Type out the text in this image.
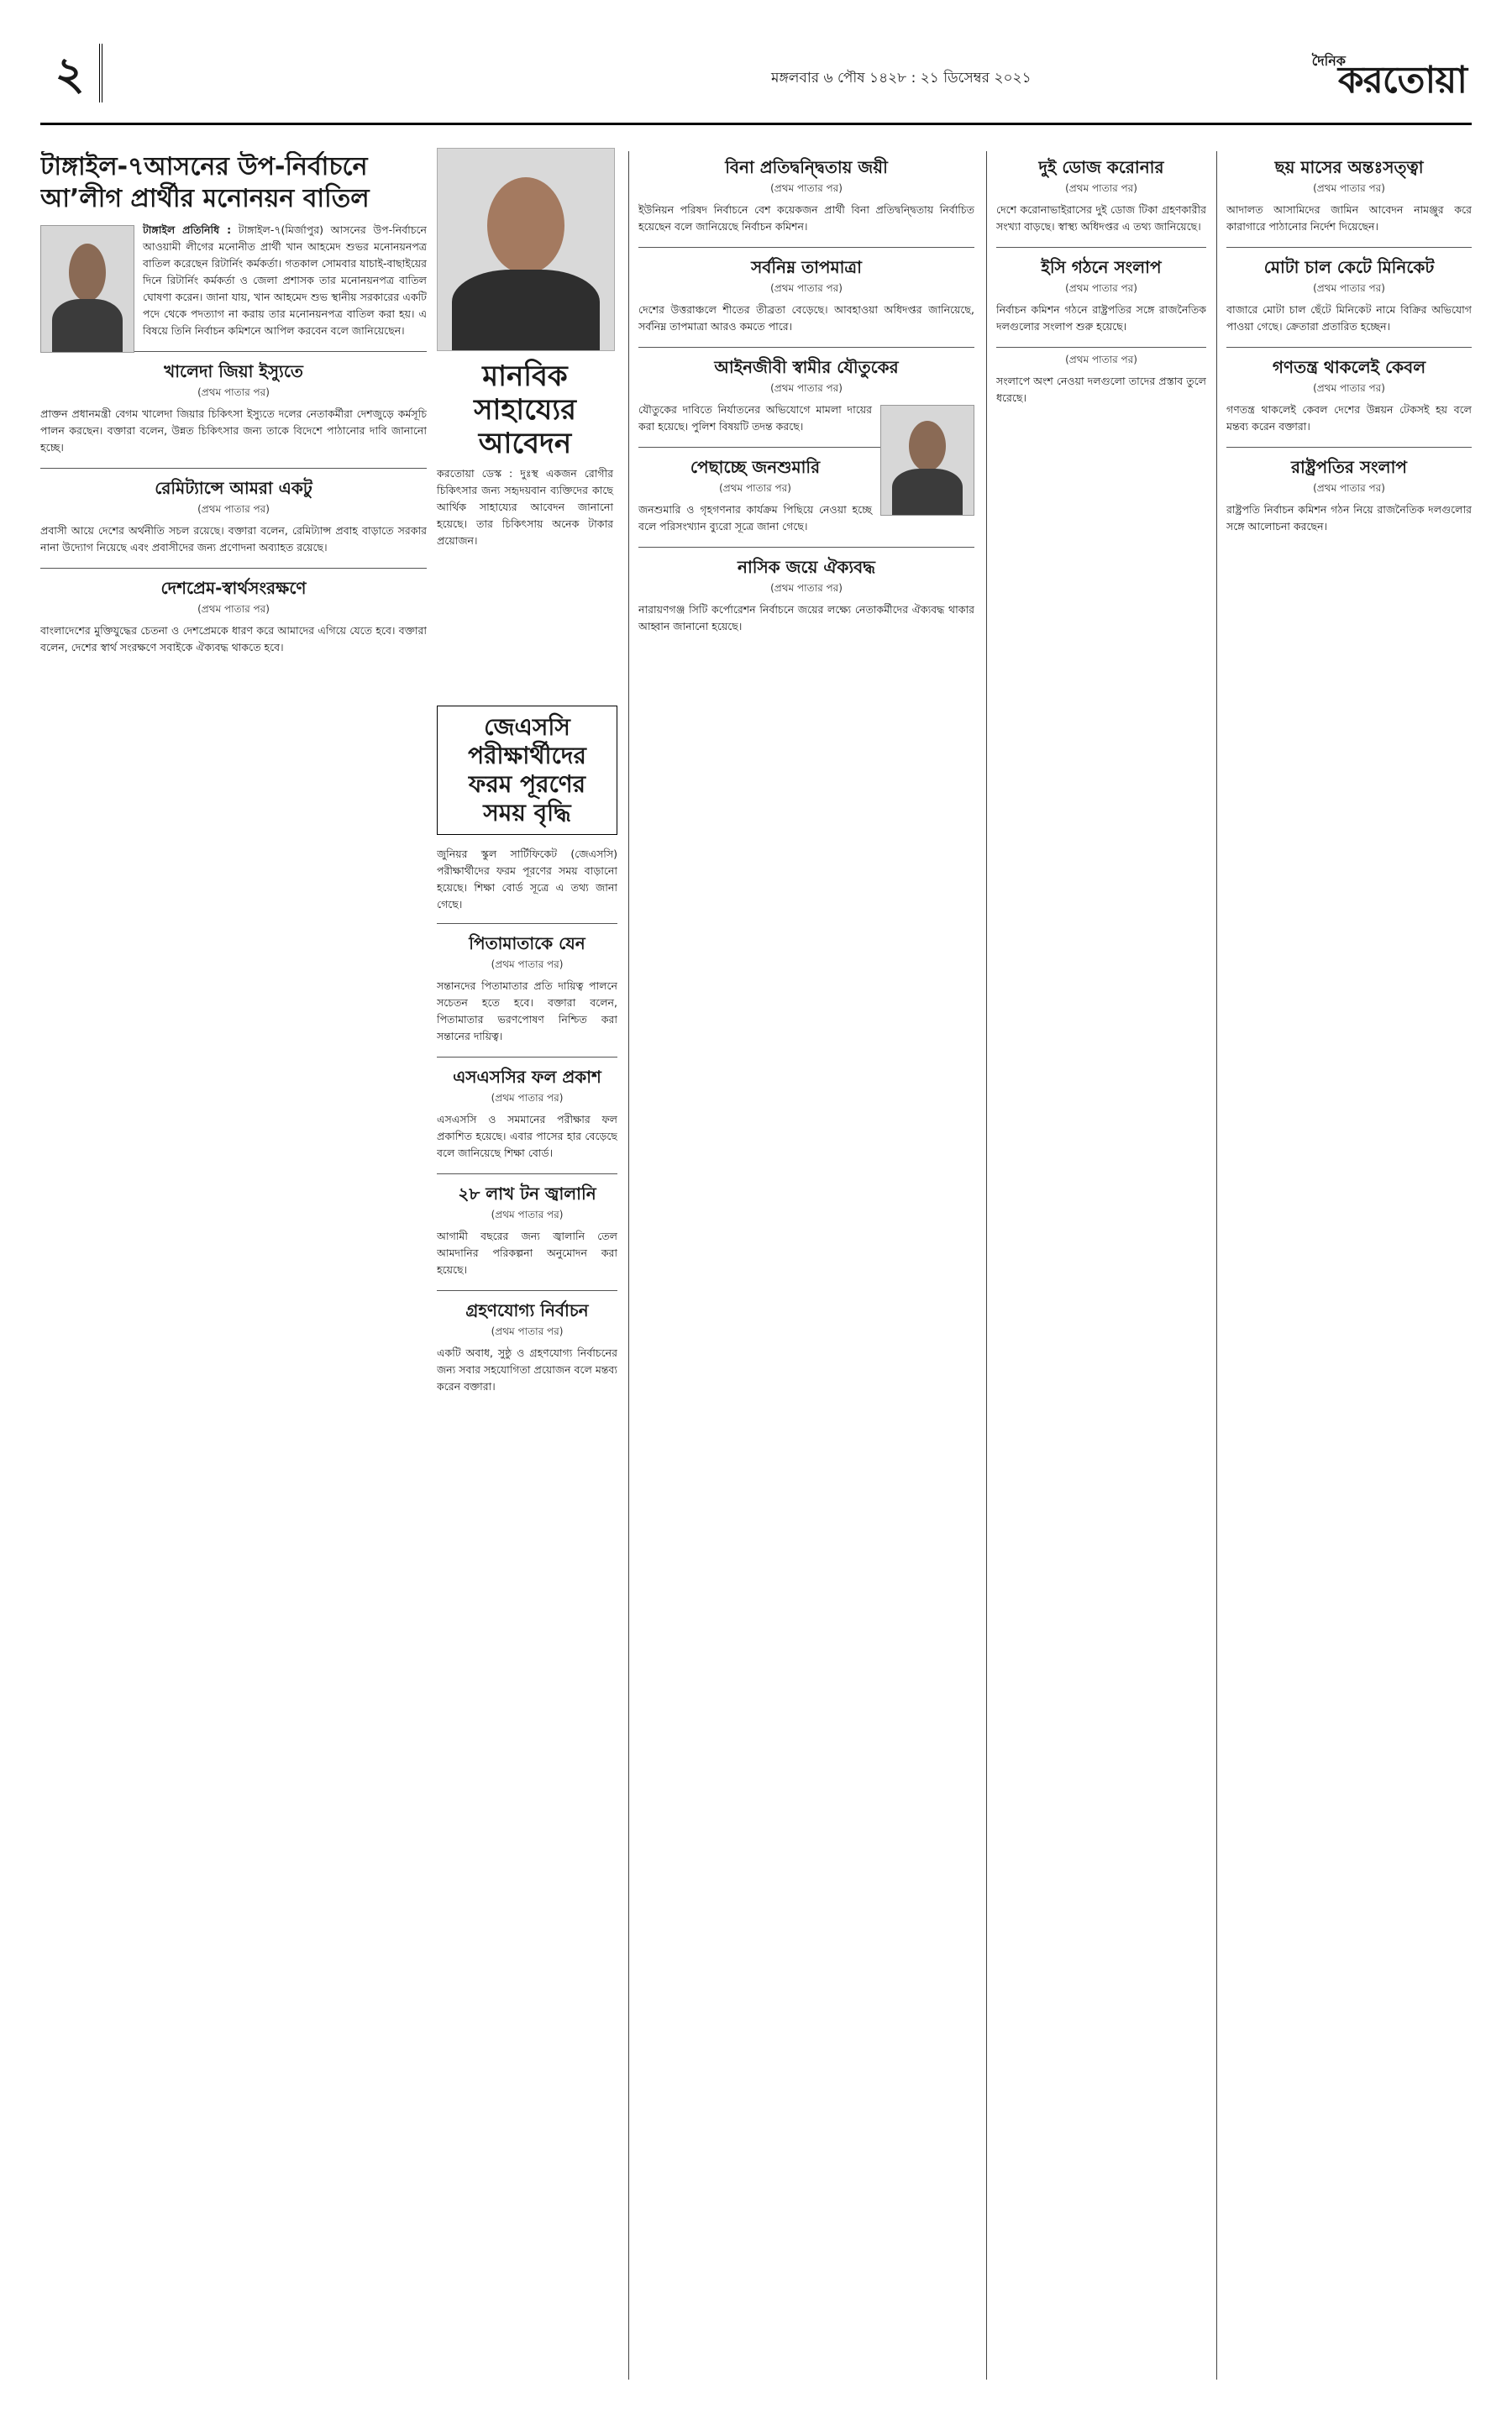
২	মঙ্গলবার ৬ পৌষ ১৪২৮ : ২১ ডিসেম্বর ২০২১
দৈনিক
করতোয়া
টাঙ্গাইল-৭আসনের উপ-নির্বাচনে আ’লীগ প্রার্থীর মনোনয়ন বাতিল

টাঙ্গাইল প্রতিনিধি : টাঙ্গাইল-৭(মির্জাপুর) আসনের উপ-নির্বাচনে আওয়ামী লীগের মনোনীত প্রার্থী খান আহমেদ শুভর মনোনয়নপত্র বাতিল করেছেন রিটার্নিং কর্মকর্তা। গতকাল সোমবার যাচাই-বাছাইয়ের দিনে রিটার্নিং কর্মকর্তা ও জেলা প্রশাসক তার মনোনয়নপত্র বাতিল ঘোষণা করেন। জানা যায়, খান আহমেদ শুভ স্থানীয় সরকারের একটি পদে থেকে পদত্যাগ না করায় তার মনোনয়নপত্র বাতিল করা হয়। এ বিষয়ে তিনি নির্বাচন কমিশনে আপিল করবেন বলে জানিয়েছেন।

খালেদা জিয়া ইস্যুতে
(প্রথম পাতার পর)

প্রাক্তন প্রধানমন্ত্রী বেগম খালেদা জিয়ার চিকিৎসা ইস্যুতে দলের নেতাকর্মীরা দেশজুড়ে কর্মসূচি পালন করছেন। বক্তারা বলেন, উন্নত চিকিৎসার জন্য তাকে বিদেশে পাঠানোর দাবি জানানো হচ্ছে।

রেমিট্যান্সে আমরা একটু
(প্রথম পাতার পর)

প্রবাসী আয়ে দেশের অর্থনীতি সচল রয়েছে। বক্তারা বলেন, রেমিট্যান্স প্রবাহ বাড়াতে সরকার নানা উদ্যোগ নিয়েছে এবং প্রবাসীদের জন্য প্রণোদনা অব্যাহত রয়েছে।

দেশপ্রেম-স্বার্থসংরক্ষণে
(প্রথম পাতার পর)

বাংলাদেশের মুক্তিযুদ্ধের চেতনা ও দেশপ্রেমকে ধারণ করে আমাদের এগিয়ে যেতে হবে। বক্তারা বলেন, দেশের স্বার্থ সংরক্ষণে সবাইকে ঐক্যবদ্ধ থাকতে হবে।

মানবিক সাহায্যের আবেদন

করতোয়া ডেস্ক : দুঃস্থ একজন রোগীর চিকিৎসার জন্য সহৃদয়বান ব্যক্তিদের কাছে আর্থিক সাহায্যের আবেদন জানানো হয়েছে। তার চিকিৎসায় অনেক টাকার প্রয়োজন।

জেএসসি পরীক্ষার্থীদের ফরম পূরণের সময় বৃদ্ধি

জুনিয়র স্কুল সার্টিফিকেট (জেএসসি) পরীক্ষার্থীদের ফরম পূরণের সময় বাড়ানো হয়েছে। শিক্ষা বোর্ড সূত্রে এ তথ্য জানা গেছে।

পিতামাতাকে যেন
(প্রথম পাতার পর)

সন্তানদের পিতামাতার প্রতি দায়িত্ব পালনে সচেতন হতে হবে। বক্তারা বলেন, পিতামাতার ভরণপোষণ নিশ্চিত করা সন্তানের দায়িত্ব।

এসএসসির ফল প্রকাশ
(প্রথম পাতার পর)

এসএসসি ও সমমানের পরীক্ষার ফল প্রকাশিত হয়েছে। এবার পাসের হার বেড়েছে বলে জানিয়েছে শিক্ষা বোর্ড।

২৮ লাখ টন জ্বালানি
(প্রথম পাতার পর)

আগামী বছরের জন্য জ্বালানি তেল আমদানির পরিকল্পনা অনুমোদন করা হয়েছে।

গ্রহণযোগ্য নির্বাচন
(প্রথম পাতার পর)

একটি অবাধ, সুষ্ঠু ও গ্রহণযোগ্য নির্বাচনের জন্য সবার সহযোগিতা প্রয়োজন বলে মন্তব্য করেন বক্তারা।

বিনা প্রতিদ্বন্দ্বিতায় জয়ী
(প্রথম পাতার পর)

ইউনিয়ন পরিষদ নির্বাচনে বেশ কয়েকজন প্রার্থী বিনা প্রতিদ্বন্দ্বিতায় নির্বাচিত হয়েছেন বলে জানিয়েছে নির্বাচন কমিশন।

সর্বনিম্ন তাপমাত্রা
(প্রথম পাতার পর)

দেশের উত্তরাঞ্চলে শীতের তীব্রতা বেড়েছে। আবহাওয়া অধিদপ্তর জানিয়েছে, সর্বনিম্ন তাপমাত্রা আরও কমতে পারে।

আইনজীবী স্বামীর যৌতুকের
(প্রথম পাতার পর)

যৌতুকের দাবিতে নির্যাতনের অভিযোগে মামলা দায়ের করা হয়েছে। পুলিশ বিষয়টি তদন্ত করছে।

পেছাচ্ছে জনশুমারি
(প্রথম পাতার পর)

জনশুমারি ও গৃহগণনার কার্যক্রম পিছিয়ে নেওয়া হচ্ছে বলে পরিসংখ্যান ব্যুরো সূত্রে জানা গেছে।

নাসিক জয়ে ঐক্যবদ্ধ
(প্রথম পাতার পর)

নারায়ণগঞ্জ সিটি কর্পোরেশন নির্বাচনে জয়ের লক্ষ্যে নেতাকর্মীদের ঐক্যবদ্ধ থাকার আহ্বান জানানো হয়েছে।

দুই ডোজ করোনার
(প্রথম পাতার পর)

দেশে করোনাভাইরাসের দুই ডোজ টিকা গ্রহণকারীর সংখ্যা বাড়ছে। স্বাস্থ্য অধিদপ্তর এ তথ্য জানিয়েছে।

ইসি গঠনে সংলাপ
(প্রথম পাতার পর)

নির্বাচন কমিশন গঠনে রাষ্ট্রপতির সঙ্গে রাজনৈতিক দলগুলোর সংলাপ শুরু হয়েছে।

(প্রথম পাতার পর)

সংলাপে অংশ নেওয়া দলগুলো তাদের প্রস্তাব তুলে ধরেছে।

ছয় মাসের অন্তঃসত্ত্বা
(প্রথম পাতার পর)

আদালত আসামিদের জামিন আবেদন নামঞ্জুর করে কারাগারে পাঠানোর নির্দেশ দিয়েছেন।

মোটা চাল কেটে মিনিকেট
(প্রথম পাতার পর)

বাজারে মোটা চাল ছেঁটে মিনিকেট নামে বিক্রির অভিযোগ পাওয়া গেছে। ক্রেতারা প্রতারিত হচ্ছেন।

গণতন্ত্র থাকলেই কেবল
(প্রথম পাতার পর)

গণতন্ত্র থাকলেই কেবল দেশের উন্নয়ন টেকসই হয় বলে মন্তব্য করেন বক্তারা।

রাষ্ট্রপতির সংলাপ
(প্রথম পাতার পর)

রাষ্ট্রপতি নির্বাচন কমিশন গঠন নিয়ে রাজনৈতিক দলগুলোর সঙ্গে আলোচনা করছেন।
